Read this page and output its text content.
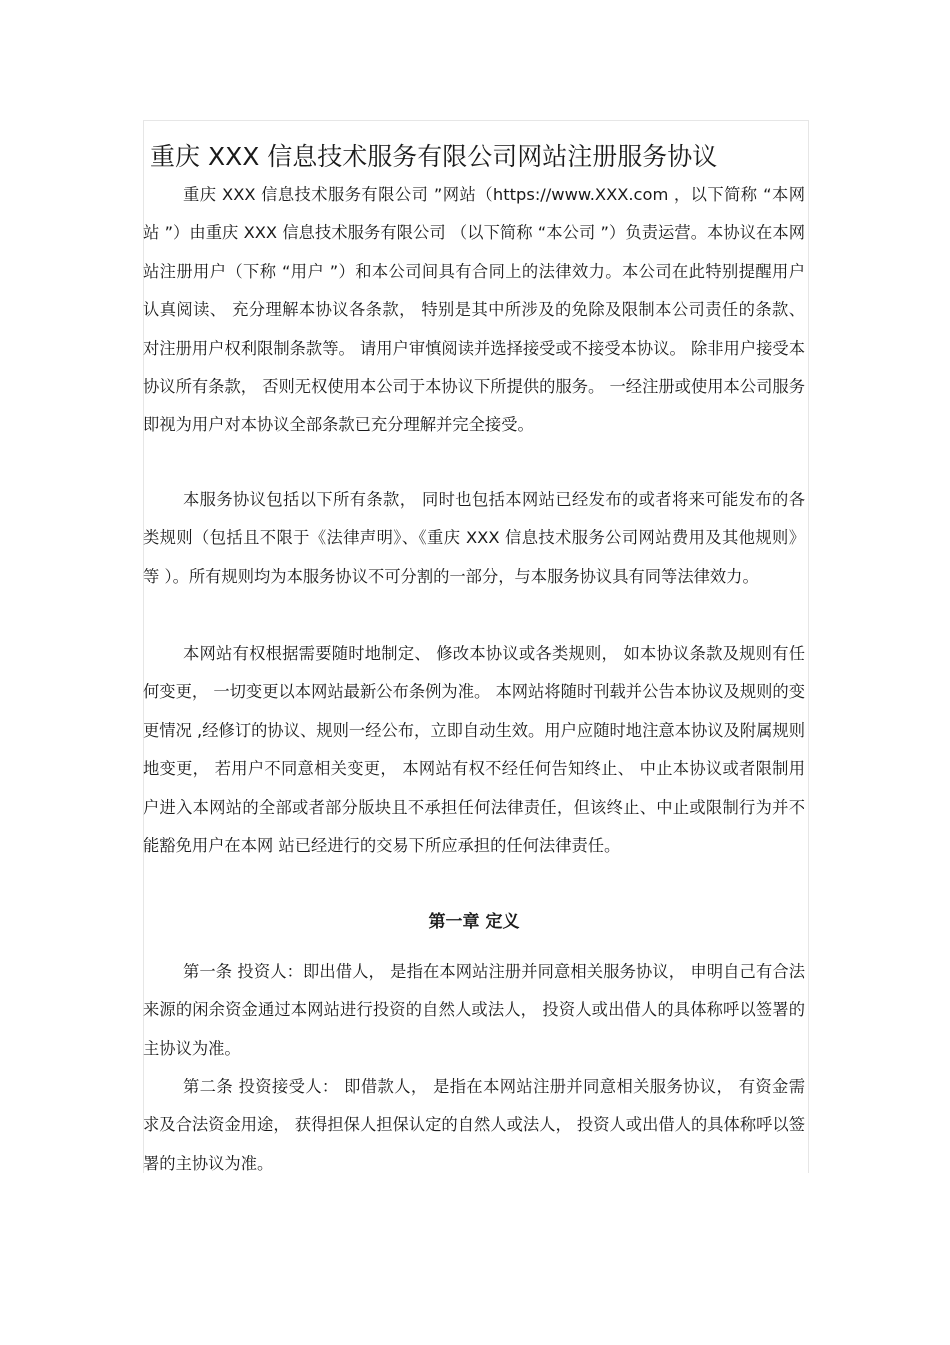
重庆 XXX 信息技术服务有限公司网站注册服务协议

重庆 XXX 信息技术服务有限公司 ”网站（https://www.XXX.com ，以下简称 “本网站 ”）由重庆 XXX 信息技术服务有限公司 （以下简称 “本公司 ”）负责运营。本协议在本网站注册用户（下称 “用户 ”）和本公司间具有合同上的法律效力。本公司在此特别提醒用户认真阅读、 充分理解本协议各条款， 特别是其中所涉及的免除及限制本公司责任的条款、 对注册用户权利限制条款等。 请用户审慎阅读并选择接受或不接受本协议。 除非用户接受本协议所有条款， 否则无权使用本公司于本协议下所提供的服务。 一经注册或使用本公司服务即视为用户对本协议全部条款已充分理解并完全接受。

本服务协议包括以下所有条款， 同时也包括本网站已经发布的或者将来可能发布的各类规则（包括且不限于《法律声明》、《重庆 XXX 信息技术服务公司网站费用及其他规则》等 ）。所有规则均为本服务协议不可分割的一部分，与本服务协议具有同等法律效力。

本网站有权根据需要随时地制定、 修改本协议或各类规则， 如本协议条款及规则有任何变更， 一切变更以本网站最新公布条例为准。 本网站将随时刊载并公告本协议及规则的变更情况 ,经修订的协议、规则一经公布，立即自动生效。用户应随时地注意本协议及附属规则地变更， 若用户不同意相关变更， 本网站有权不经任何告知终止、 中止本协议或者限制用户进入本网站的全部或者部分版块且不承担任何法律责任，但该终止、中止或限制行为并不能豁免用户在本网 站已经进行的交易下所应承担的任何法律责任。

第一章 定义

第一条 投资人：即出借人， 是指在本网站注册并同意相关服务协议， 申明自己有合法来源的闲余资金通过本网站进行投资的自然人或法人， 投资人或出借人的具体称呼以签署的主协议为准。

第二条 投资接受人： 即借款人， 是指在本网站注册并同意相关服务协议， 有资金需求及合法资金用途， 获得担保人担保认定的自然人或法人， 投资人或出借人的具体称呼以签署的主协议为准。
